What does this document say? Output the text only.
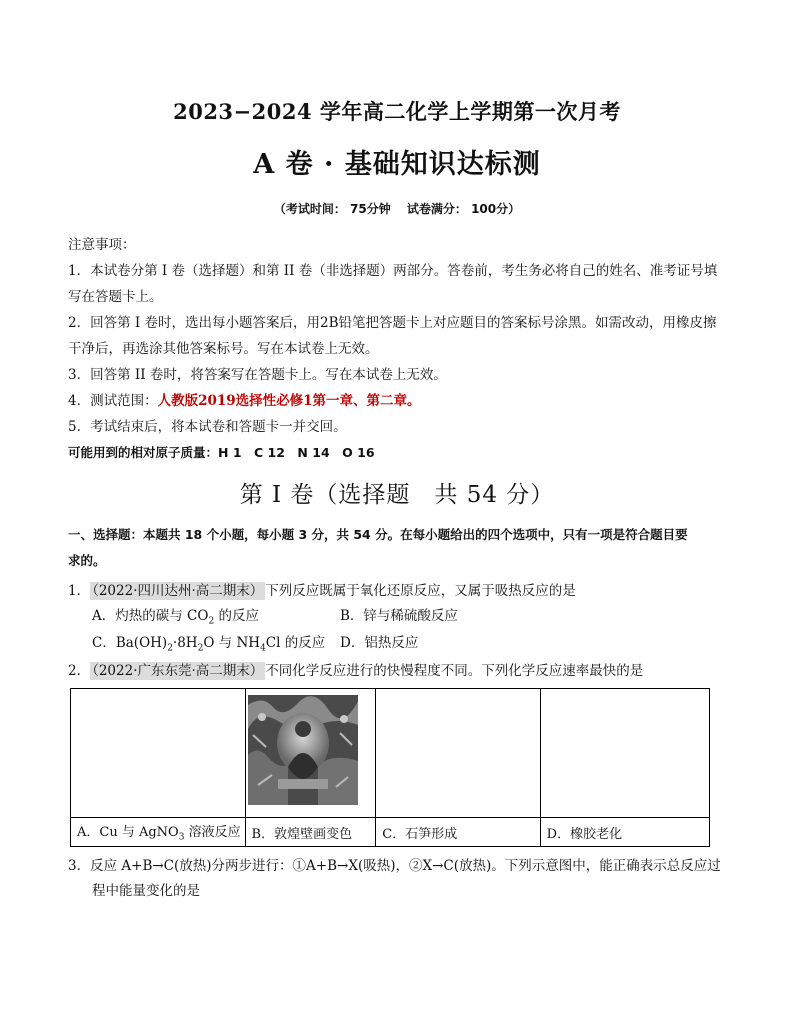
2023−2024 学年高二化学上学期第一次月考
A 卷 · 基础知识达标测
（考试时间： 75分钟　 试卷满分： 100分）
注意事项：
1．本试卷分第 I 卷（选择题）和第 II 卷（非选择题）两部分。答卷前，考生务必将自己的姓名、准考证号填
写在答题卡上。
2．回答第 I 卷时，选出每小题答案后，用2B铅笔把答题卡上对应题目的答案标号涂黑。如需改动，用橡皮擦
干净后，再选涂其他答案标号。写在本试卷上无效。
3．回答第 II 卷时，将答案写在答题卡上。写在本试卷上无效。
4．测试范围：人教版2019选择性必修1第一章、第二章。
5．考试结束后，将本试卷和答题卡一并交回。
可能用到的相对原子质量：H 1　C 12　N 14　O 16
第 I 卷（选择题　共 54 分）
一、选择题：本题共 18 个小题，每小题 3 分，共 54 分。在每小题给出的四个选项中，只有一项是符合题目要
求的。
1． （2022·四川达州·高二期末） 下列反应既属于氧化还原反应，又属于吸热反应的是
A．灼热的碳与 $CO_2$ 的反应	B．锌与稀硫酸反应
C．$Ba(OH)_2\cdot 8H_2O$ 与 $NH_4Cl$ 的反应 D．铝热反应
2． （2022·广东东莞·高二期末） 不同化学反应进行的快慢程度不同。下列化学反应速率最快的是

A．Cu 与 AgNO$_3$ 溶液反应	B．敦煌壁画变色	C．石笋形成	D．橡胶老化
3．反应 A+B→C(放热)分两步进行：①A+B→X(吸热)，②X→C(放热)。下列示意图中，能正确表示总反应过
程中能量变化的是
